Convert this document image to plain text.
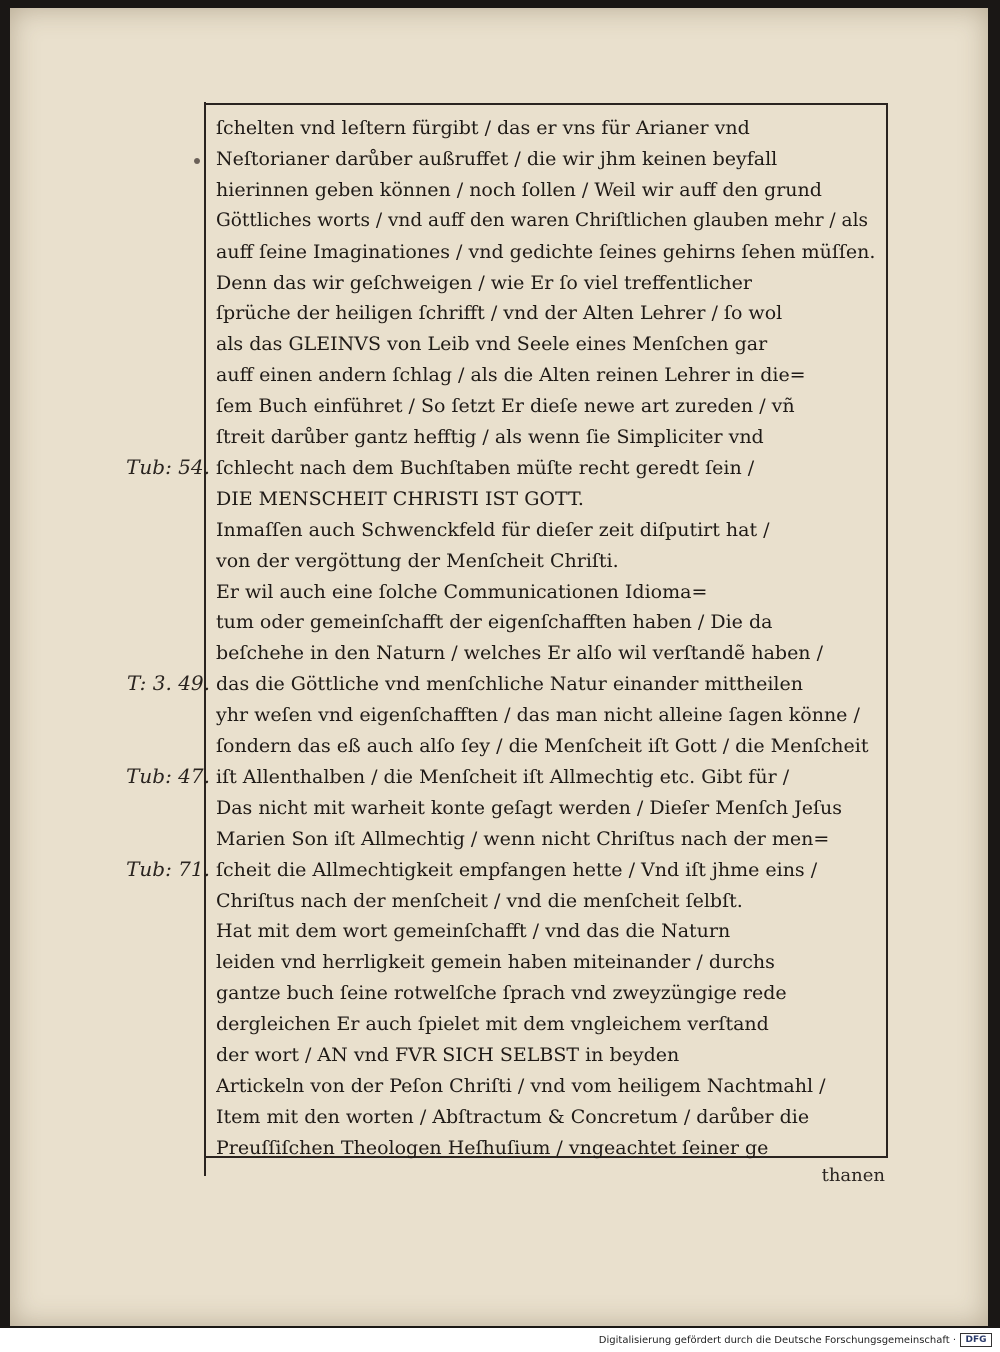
ſchelten vnd leſtern fürgibt / das er vns für Arianer vnd
Neſtorianer darůber außruffet / die wir jhm keinen beyfall
hierinnen geben können / noch ſollen / Weil wir auff den grund
Göttliches worts / vnd auff den waren Chriſtlichen glauben mehr / als
auff ſeine Imaginationes / vnd gedichte ſeines gehirns ſehen müſſen.
Denn das wir geſchweigen / wie Er ſo viel treffentlicher
ſprüche der heiligen ſchrifft / vnd der Alten Lehrer / ſo wol
als das GLEINVS von Leib vnd Seele eines Menſchen gar
auff einen andern ſchlag / als die Alten reinen Lehrer in die=
ſem Buch einführet / So ſetzt Er dieſe newe art zureden / vñ
ſtreit darůber gantz hefftig / als wenn ſie Simpliciter vnd
ſchlecht nach dem Buchſtaben müſte recht geredt ſein /
DIE MENSCHEIT CHRISTI IST GOTT.
Inmaſſen auch Schwenckfeld für dieſer zeit diſputirt hat /
von der vergöttung der Menſcheit Chriſti.
Er wil auch eine ſolche Communicationen Idioma=
tum oder gemeinſchafft der eigenſchafften haben / Die da
beſchehe in den Naturn / welches Er alſo wil verſtandẽ haben /
das die Göttliche vnd menſchliche Natur einander mittheilen
yhr weſen vnd eigenſchafften / das man nicht alleine ſagen könne /
ſondern das eß auch alſo ſey / die Menſcheit iſt Gott / die Menſcheit
iſt Allenthalben / die Menſcheit iſt Allmechtig etc. Gibt für /
Das nicht mit warheit konte geſagt werden / Dieſer Menſch Jeſus
Marien Son iſt Allmechtig / wenn nicht Chriſtus nach der men=
ſcheit die Allmechtigkeit empfangen hette / Vnd iſt jhme eins /
Chriſtus nach der menſcheit / vnd die menſcheit ſelbſt.
Hat mit dem wort gemeinſchafft / vnd das die Naturn
leiden vnd herrligkeit gemein haben miteinander / durchs
gantze buch ſeine rotwelſche ſprach vnd zweyzüngige rede
dergleichen Er auch ſpielet mit dem vngleichem verſtand
der wort / AN vnd FVR SICH SELBST in beyden
Artickeln von der Peſon Chriſti / vnd vom heiligem Nachtmahl /
Item mit den worten / Abſtractum & Concretum / darůber die
Preuſſiſchen Theologen Heſhuſium / vngeachtet ſeiner ge
Tub: 54.
T: 3. 49.
Tub: 47.
Tub: 71.
thanen
Digitalisierung gefördert durch die Deutsche Forschungsgemeinschaft ·	DFG
